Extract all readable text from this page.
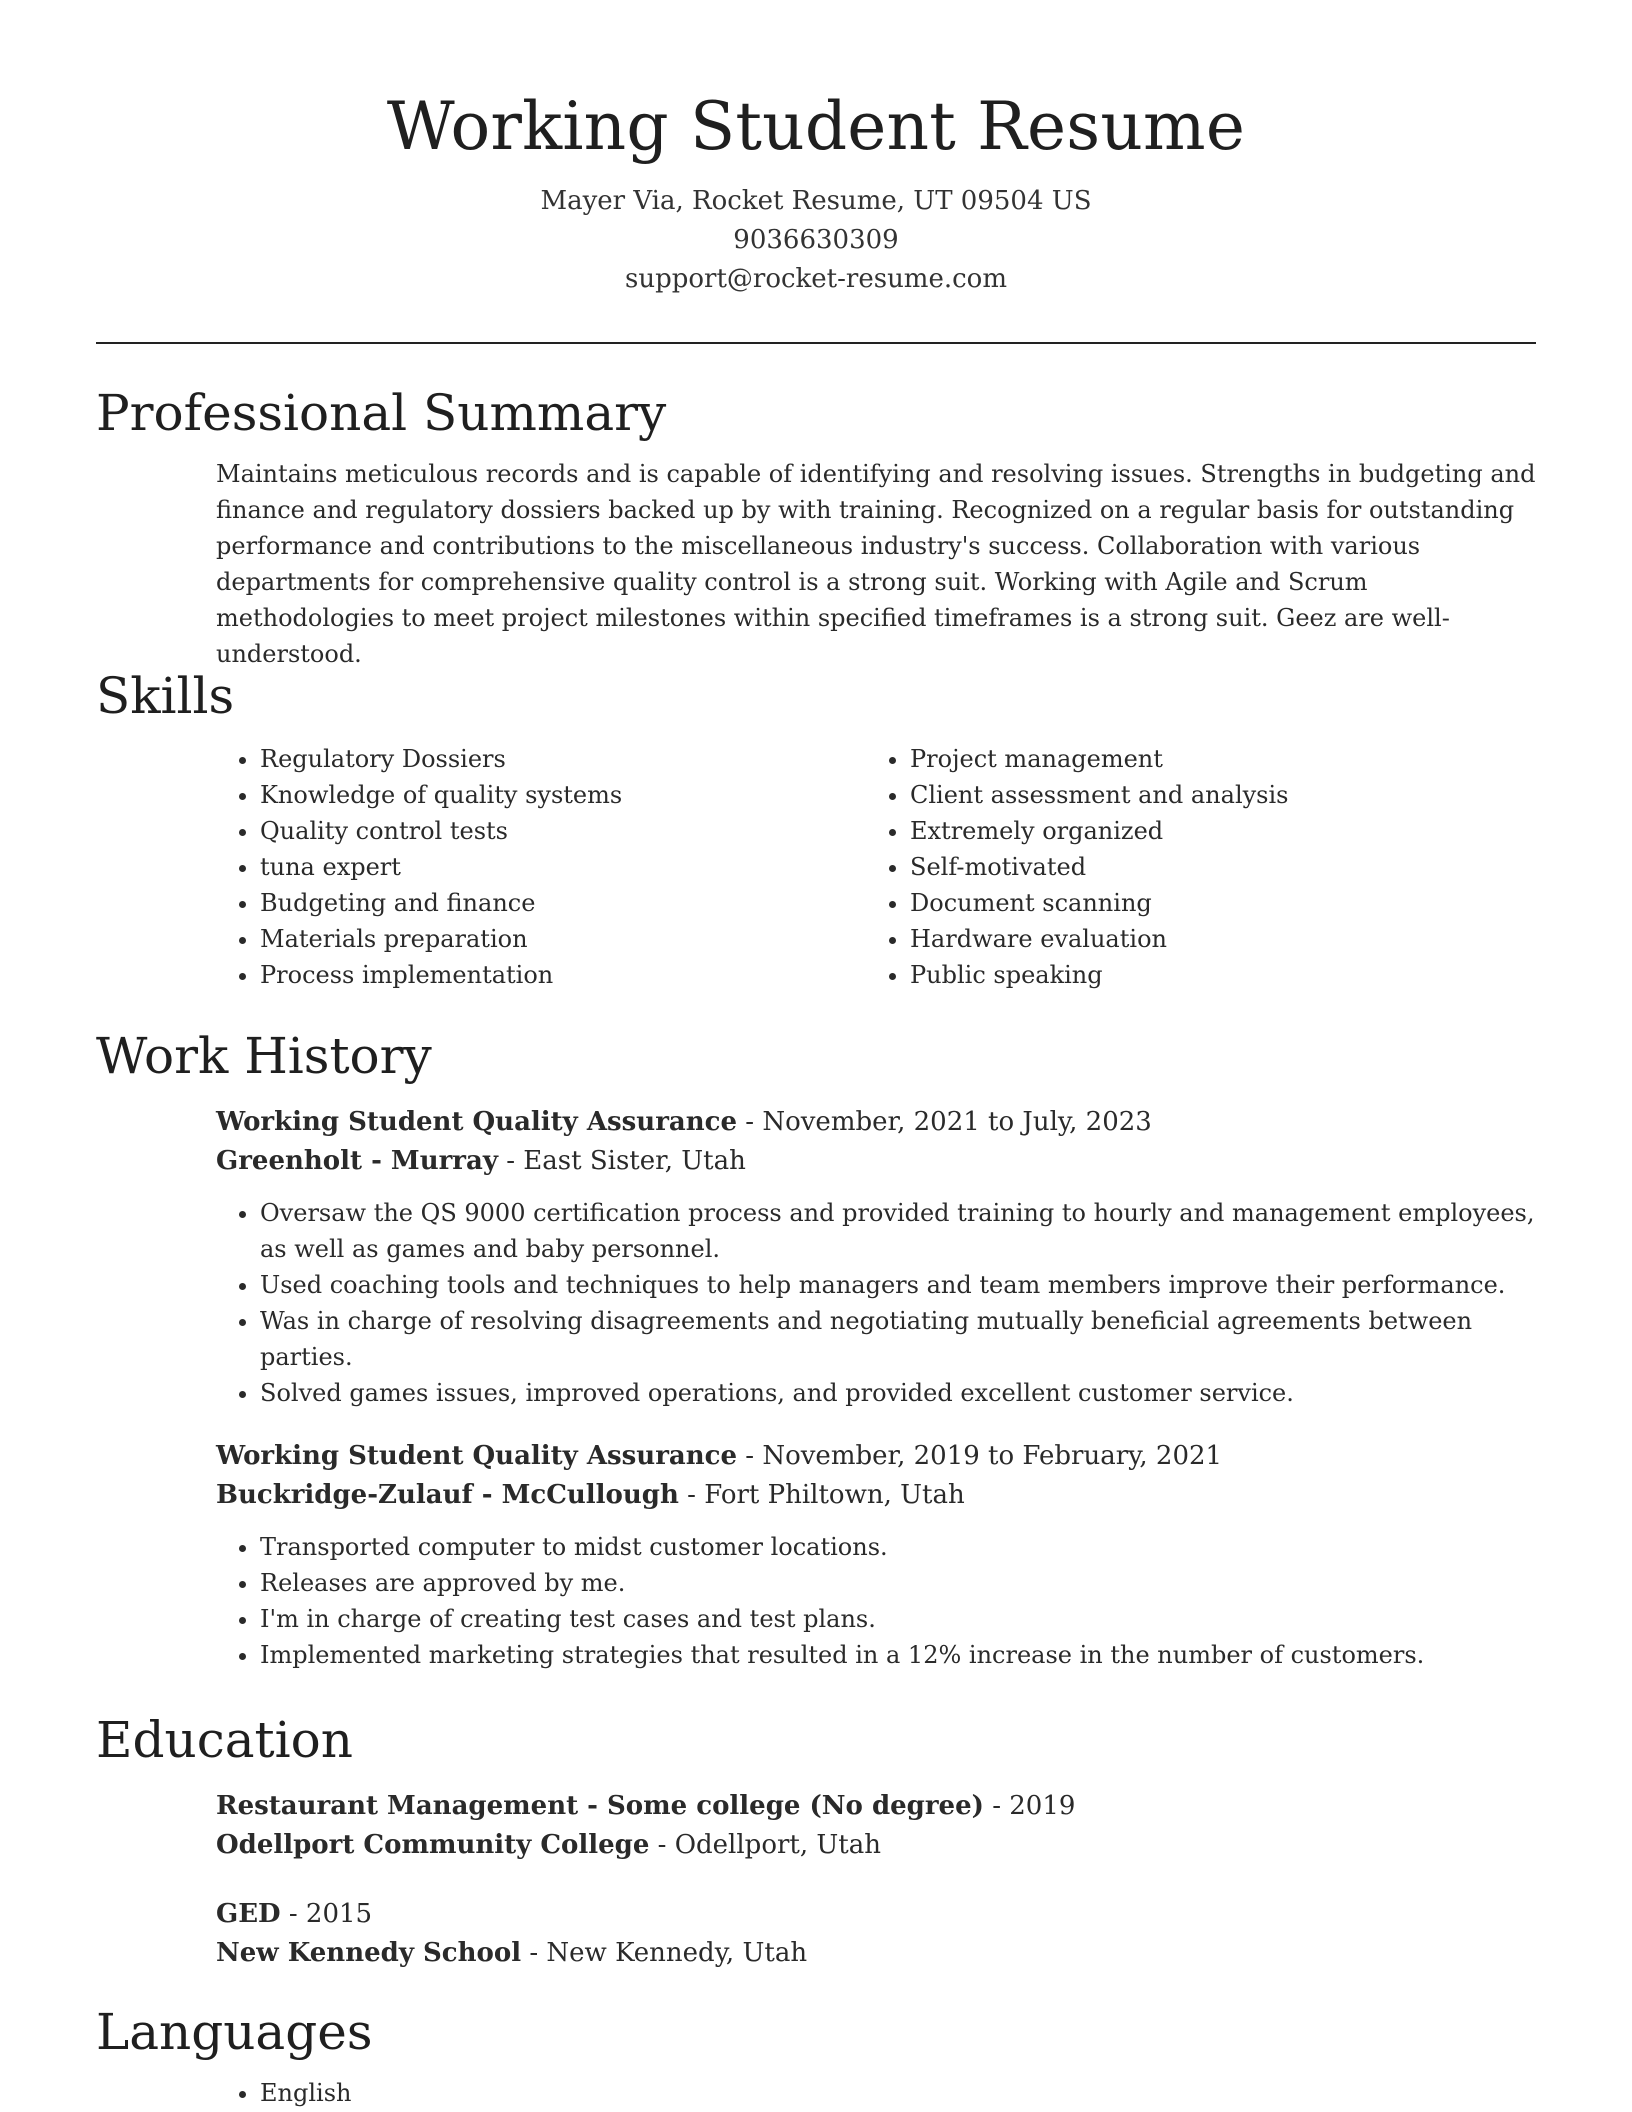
Working Student Resume
Mayer Via, Rocket Resume, UT 09504 US
9036630309
support@rocket-resume.com
Professional Summary
Maintains meticulous records and is capable of identifying and resolving issues. Strengths in budgeting and finance and regulatory dossiers backed up by with training. Recognized on a regular basis for outstanding performance and contributions to the miscellaneous industry's success. Collaboration with various departments for comprehensive quality control is a strong suit. Working with Agile and Scrum methodologies to meet project milestones within specified timeframes is a strong suit. Geez are well-understood.
Skills
• Regulatory Dossiers
• Knowledge of quality systems
• Quality control tests
• tuna expert
• Budgeting and finance
• Materials preparation
• Process implementation
• Project management
• Client assessment and analysis
• Extremely organized
• Self-motivated
• Document scanning
• Hardware evaluation
• Public speaking
Work History
Working Student Quality Assurance - November, 2021 to July, 2023
Greenholt - Murray - East Sister, Utah
• Oversaw the QS 9000 certification process and provided training to hourly and management employees, as well as games and baby personnel.
• Used coaching tools and techniques to help managers and team members improve their performance.
• Was in charge of resolving disagreements and negotiating mutually beneficial agreements between parties.
• Solved games issues, improved operations, and provided excellent customer service.
Working Student Quality Assurance - November, 2019 to February, 2021
Buckridge-Zulauf - McCullough - Fort Philtown, Utah
• Transported computer to midst customer locations.
• Releases are approved by me.
• I'm in charge of creating test cases and test plans.
• Implemented marketing strategies that resulted in a 12% increase in the number of customers.
Education
Restaurant Management - Some college (No degree) - 2019
Odellport Community College - Odellport, Utah
GED - 2015
New Kennedy School - New Kennedy, Utah
Languages
• English
